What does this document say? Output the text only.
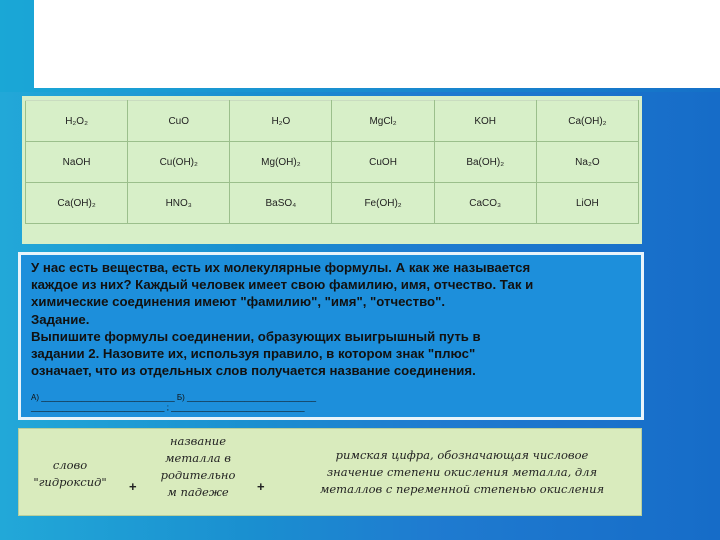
H₂O₂	CuO	H₂O	MgCl₂	KOH	Ca(OH)₂
NaOH	Cu(OH)₂	Mg(OH)₂	CuOH	Ba(OH)₂	Na₂O
Ca(OH)₂	HNO₃	BaSO₄	Fe(OH)₂	CaCO₃	LiOH

У нас есть вещества, есть их молекулярные формулы. А как же называется
каждое из них? Каждый человек имеет свою фамилию, имя, отчество. Так и
химические соединения имеют "фамилию", "имя", "отчество".
Задание.
Выпишите формулы соединении, образующих выигрышный путь в
задании 2. Назовите их, используя правило, в котором знак "плюс"
означает, что из отдельных слов получается название соединения.

А) ______________________________ Б) _____________________________
______________________________ ; ______________________________
слово
"гидроксид"	+
название
металла в
родительно
м падеже	+
римская цифра, обозначающая числовое
значение степени окисления металла, для
металлов с переменной степенью окисления
